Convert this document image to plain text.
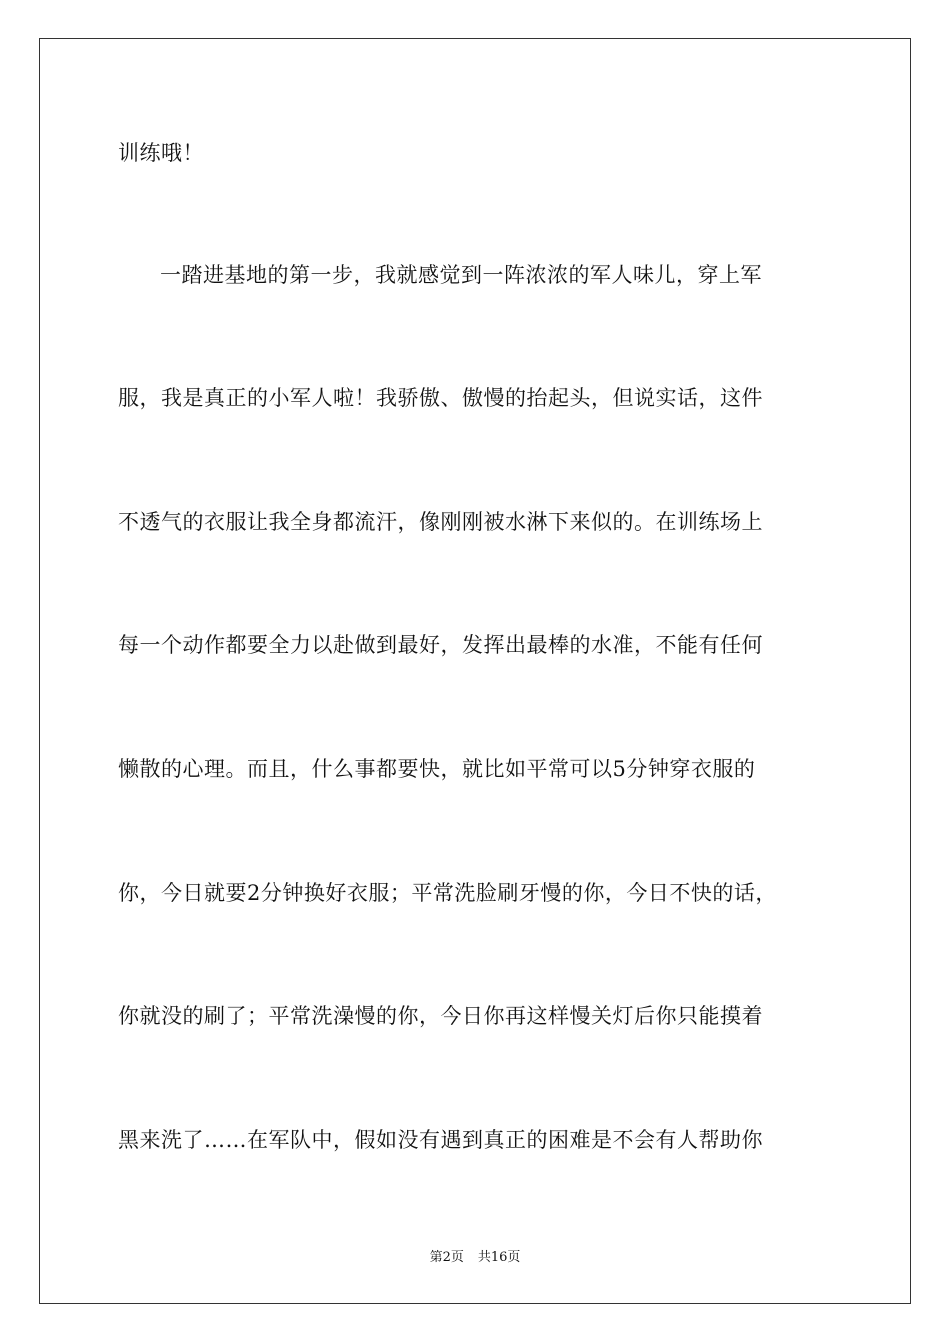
训练哦！
一踏进基地的第一步，我就感觉到一阵浓浓的军人味儿，穿上军
服，我是真正的小军人啦！我骄傲、傲慢的抬起头，但说实话，这件
不透气的衣服让我全身都流汗，像刚刚被水淋下来似的。在训练场上
每一个动作都要全力以赴做到最好，发挥出最棒的水准，不能有任何
懒散的心理。而且，什么事都要快，就比如平常可以5分钟穿衣服的
你，今日就要2分钟换好衣服；平常洗脸刷牙慢的你，今日不快的话，
你就没的刷了；平常洗澡慢的你，今日你再这样慢关灯后你只能摸着
黑来洗了……在军队中，假如没有遇到真正的困难是不会有人帮助你
第2页 共16页
